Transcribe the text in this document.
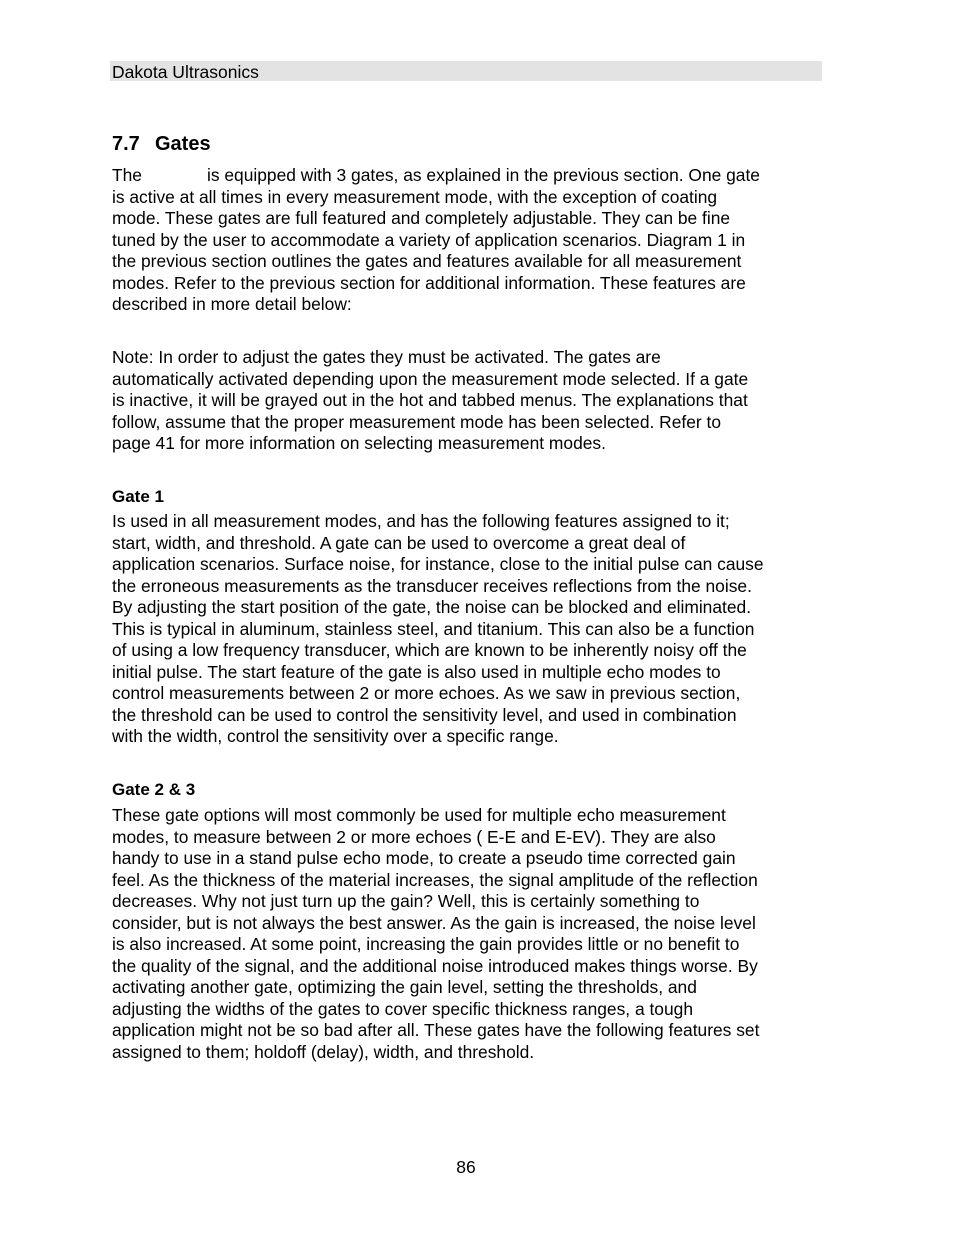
Dakota Ultrasonics
7.7 Gates
The	is equipped with 3 gates, as explained in the previous section. One gate
is active at all times in every measurement mode, with the exception of coating
mode. These gates are full featured and completely adjustable. They can be fine
tuned by the user to accommodate a variety of application scenarios. Diagram 1 in
the previous section outlines the gates and features available for all measurement
modes. Refer to the previous section for additional information. These features are
described in more detail below:
Note: In order to adjust the gates they must be activated. The gates are
automatically activated depending upon the measurement mode selected. If a gate
is inactive, it will be grayed out in the hot and tabbed menus. The explanations that
follow, assume that the proper measurement mode has been selected. Refer to
page 41 for more information on selecting measurement modes.
Gate 1
Is used in all measurement modes, and has the following features assigned to it;
start, width, and threshold. A gate can be used to overcome a great deal of
application scenarios. Surface noise, for instance, close to the initial pulse can cause
the erroneous measurements as the transducer receives reflections from the noise.
By adjusting the start position of the gate, the noise can be blocked and eliminated.
This is typical in aluminum, stainless steel, and titanium. This can also be a function
of using a low frequency transducer, which are known to be inherently noisy off the
initial pulse. The start feature of the gate is also used in multiple echo modes to
control measurements between 2 or more echoes. As we saw in previous section,
the threshold can be used to control the sensitivity level, and used in combination
with the width, control the sensitivity over a specific range.
Gate 2 & 3
These gate options will most commonly be used for multiple echo measurement
modes, to measure between 2 or more echoes ( E-E and E-EV). They are also
handy to use in a stand pulse echo mode, to create a pseudo time corrected gain
feel. As the thickness of the material increases, the signal amplitude of the reflection
decreases. Why not just turn up the gain? Well, this is certainly something to
consider, but is not always the best answer. As the gain is increased, the noise level
is also increased. At some point, increasing the gain provides little or no benefit to
the quality of the signal, and the additional noise introduced makes things worse. By
activating another gate, optimizing the gain level, setting the thresholds, and
adjusting the widths of the gates to cover specific thickness ranges, a tough
application might not be so bad after all. These gates have the following features set
assigned to them; holdoff (delay), width, and threshold.
86
